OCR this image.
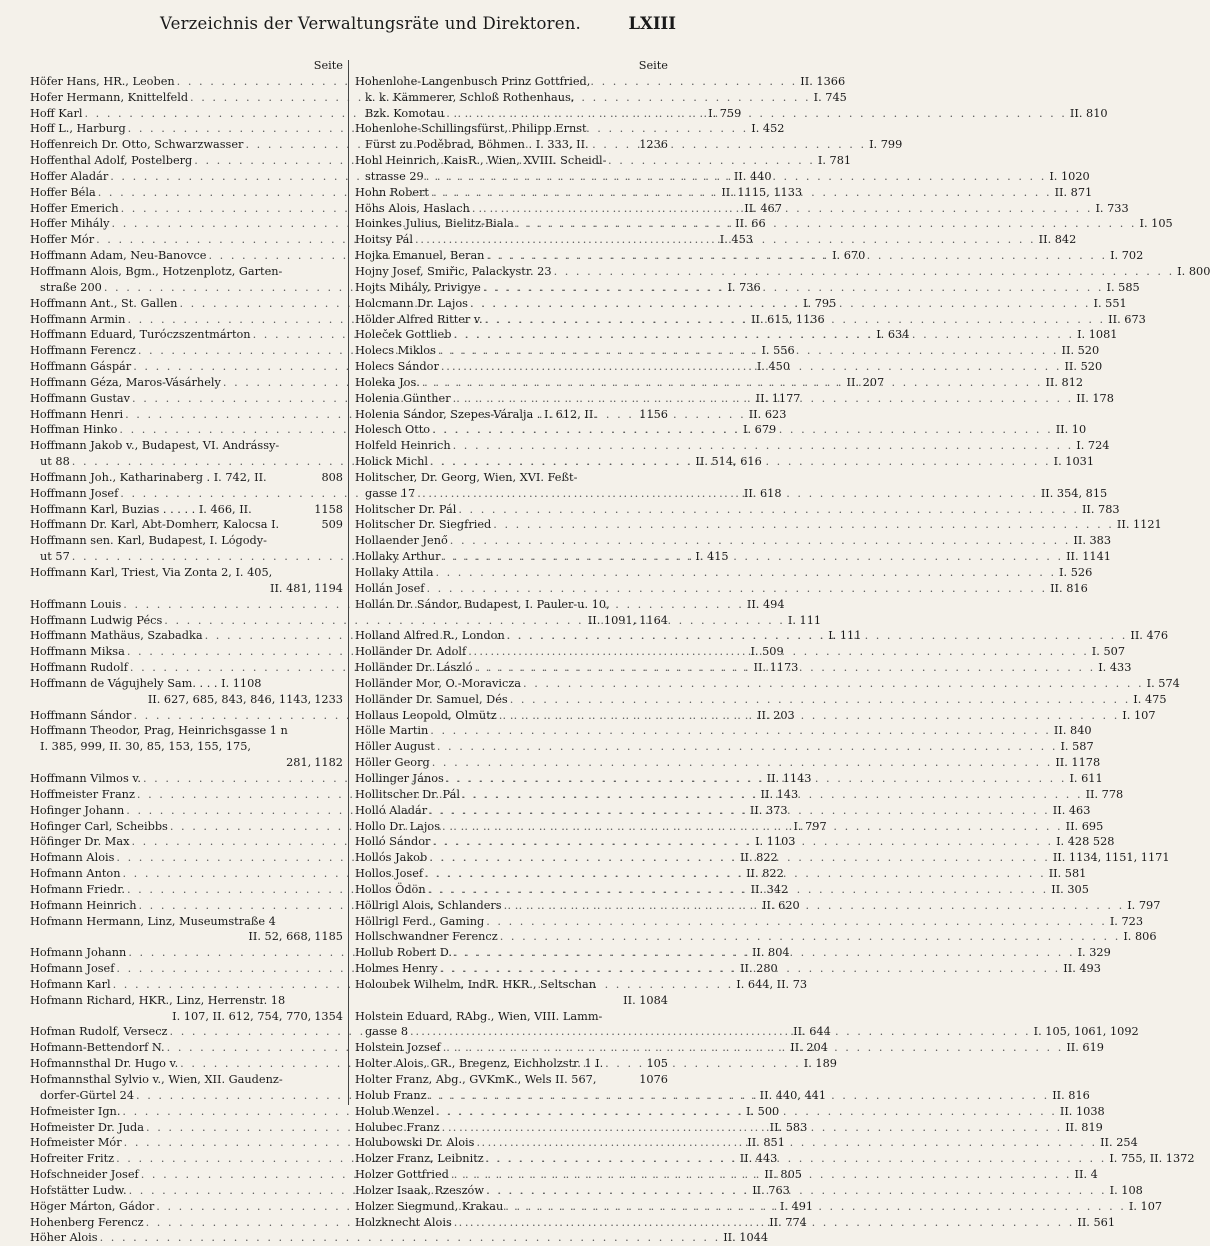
Verzeichnis der Verwaltungsräte und Direktoren.	LXIII
Seite
Höfer Hans, HR., Leoben . . .	II. 1366
Hofer Hermann, Knittelfeld . . .	I. 745
Hoff Karl . . .	I. 759
Hoff L., Harburg . . .	I. 452
Hoffenreich Dr. Otto, Schwarzwasser . . .	I. 799
Hoffenthal Adolf, Postelberg . . .	I. 781
Hoffer Aladár . . .	II. 440
Hoffer Béla . . .	II. 1115, 1133
Hoffer Emerich . . .	II. 467
Hoffer Mihály . . .	II. 66
Hoffer Mór . . .	I. 453
Hoffmann Adam, Neu-Banovce . . .	I. 670
Hoffmann Alois, Bgm., Hotzenplotz, Garten-
straße 200 . . .	I. 736
Hoffmann Ant., St. Gallen . . .	I. 795
Hoffmann Armin . . .	II. 615, 1136
Hoffmann Eduard, Turóczszentmárton . . .	I. 634
Hoffmann Ferencz . . .	I. 556
Hoffmann Gáspár . . .	I. 450
Hoffmann Géza, Maros-Vásárhely . . .	II. 207
Hoffmann Gustav . . .	II. 1177
Hoffmann Henri . . .	II. 623
Hoffman Hinko . . .	I. 679
Hoffmann Jakob v., Budapest, VI. Andrássy-
ut 88 . . .	II. 514, 616
Hoffmann Joh., Katharinaberg . I. 742, II.	808
Hoffmann Josef . . .	II. 618
Hoffmann Karl, Buzias . . . . . I. 466, II.	1158
Hoffmann Dr. Karl, Abt-Domherr, Kalocsa I.	509
Hoffmann sen. Karl, Budapest, I. Lógody-
ut 57 . . .	I. 415
Hoffmann Karl, Triest, Via Zonta 2, I. 405,
II. 481, 1194
Hoffmann Louis . . .	II. 494
Hoffmann Ludwig Pécs . . .	I. 111
Hoffmann Mathäus, Szabadka . . .	I. 111
Hoffmann Miksa . . .	I. 509
Hoffmann Rudolf . . .	II. 1173
Hoffmann de Vágujhely Sam. . . . I. 1108
II. 627, 685, 843, 846, 1143, 1233
Hoffmann Sándor . . .	II. 203
Hoffmann Theodor, Prag, Heinrichsgasse 1 n
I. 385, 999, II. 30, 85, 153, 155, 175,
281, 1182
Hoffmann Vilmos v. . . .	II. 1143
Hoffmeister Franz . . .	II. 143
Hofinger Johann . . .	II. 373
Hofinger Carl, Scheibbs . . .	I. 797
Höfinger Dr. Max . . .	I. 1103
Hofmann Alois . . .	II. 822
Hofmann Anton . . .	II. 822
Hofmann Friedr. . . .	II. 342
Hofmann Heinrich . . .	II. 620
Hofmann Hermann, Linz, Museumstraße 4
II. 52, 668, 1185
Hofmann Johann . . .	II. 804
Hofmann Josef . . .	II. 280
Hofmann Karl . . .	I. 644, II. 73
Hofmann Richard, HKR., Linz, Herrenstr. 18
I. 107, II. 612, 754, 770, 1354
Hofman Rudolf, Versecz . . .	II. 644
Hofmann-Bettendorf N. . . .	II. 204
Hofmannsthal Dr. Hugo v. . . .	I. 189
Hofmannsthal Sylvio v., Wien, XII. Gaudenz-
dorfer-Gürtel 24 . . .	II. 440, 441
Hofmeister Ign. . . .	I. 500
Hofmeister Dr. Juda . . .	II. 583
Hofmeister Mór . . .	II. 851
Hofreiter Fritz . . .	II. 443
Hofschneider Josef . . .	II. 805
Hofstätter Ludw. . . .	II. 763
Höger Márton, Gádor . . .	I. 491
Hohenberg Ferencz . . .	II. 774
Höher Alois . . .	II. 1044
Seite
Hohenlohe-Langenbusch Prinz Gottfried,
k. k. Kämmerer, Schloß Rothenhaus,
Bzk. Komotau . . .	II. 810
Hohenlohe-Schillingsfürst, Philipp Ernst
Fürst zu Poděbrad, Böhmen . I. 333, II.	1236
Hohl Heinrich, KaisR., Wien, XVIII. Scheidl-
strasse 29 . . .	I. 1020
Hohn Robert . . .	II. 871
Höhs Alois, Haslach . . .	I. 733
Hoinkes Julius, Bielitz-Biala . . .	I. 105
Hoitsy Pál . . .	II. 842
Hojka Emanuel, Beran . . .	I. 702
Hojny Josef, Smiřic, Palackystr. 23 . . .	I. 800
Hojts Mihály, Privigye . . .	I. 585
Holcmann Dr. Lajos . . .	I. 551
Hölder Alfred Ritter v. . . .	II. 673
Holeček Gottlieb . . .	I. 1081
Holecs Miklos . . .	II. 520
Holecs Sándor . . .	II. 520
Holeka Jos. . . .	II. 812
Holenia Günther . . .	II. 178
Holenia Sándor, Szepes-Váralja . I. 612, II.	1156
Holesch Otto . . .	II. 10
Holfeld Heinrich . . .	I. 724
Holick Michl . . .	I. 1031
Holitscher, Dr. Georg, Wien, XVI. Feßt-
gasse 17 . . .	II. 354, 815
Holitscher Dr. Pál . . .	II. 783
Holitscher Dr. Siegfried . . .	II. 1121
Hollaender Jenő . . .	II. 383
Hollaky Arthur . . .	II. 1141
Hollaky Attila . . .	I. 526
Hollán Josef . . .	II. 816
Hollán Dr. Sándor, Budapest, I. Pauler-u. 10,
II. 1091, 1164
Holland Alfred R., London . . .	II. 476
Holländer Dr. Adolf . . .	I. 507
Holländer Dr. László . . .	I. 433
Holländer Mor, O.-Moravicza . . .	I. 574
Holländer Dr. Samuel, Dés . . .	I. 475
Hollaus Leopold, Olmütz . . .	I. 107
Hölle Martin . . .	II. 840
Höller August . . .	I. 587
Höller Georg . . .	II. 1178
Hollinger János . . .	I. 611
Hollitscher Dr. Pál . . .	II. 778
Holló Aladár . . .	II. 463
Hollo Dr. Lajos . . .	II. 695
Holló Sándor . . .	I. 428 528
Hollós Jakob . . .	II. 1134, 1151, 1171
Hollos Josef . . .	II. 581
Hollos Ödön . . .	II. 305
Höllrigl Alois, Schlanders . . .	I. 797
Höllrigl Ferd., Gaming . . .	I. 723
Hollschwandner Ferencz . . .	I. 806
Hollub Robert D. . . .	I. 329
Holmes Henry . . .	II. 493
Holoubek Wilhelm, IndR. HKR., Seltschan
II. 1084
Holstein Eduard, RAbg., Wien, VIII. Lamm-
gasse 8 . . .	I. 105, 1061, 1092
Holstein Jozsef . . .	II. 619
Holter Alois, GR., Bregenz, Eichholzstr. 1 I.	105
Holter Franz, Abg., GVKmK., Wels II. 567,	1076
Holub Franz . . .	II. 816
Holub Wenzel . . .	II. 1038
Holubec Franz . . .	II. 819
Holubowski Dr. Alois . . .	II. 254
Holzer Franz, Leibnitz . . .	I. 755, II. 1372
Holzer Gottfried . . .	II. 4
Holzer Isaak, Rzeszów . . .	I. 108
Holzer Siegmund, Krakau . . .	I. 107
Holzknecht Alois . . .	II. 561
